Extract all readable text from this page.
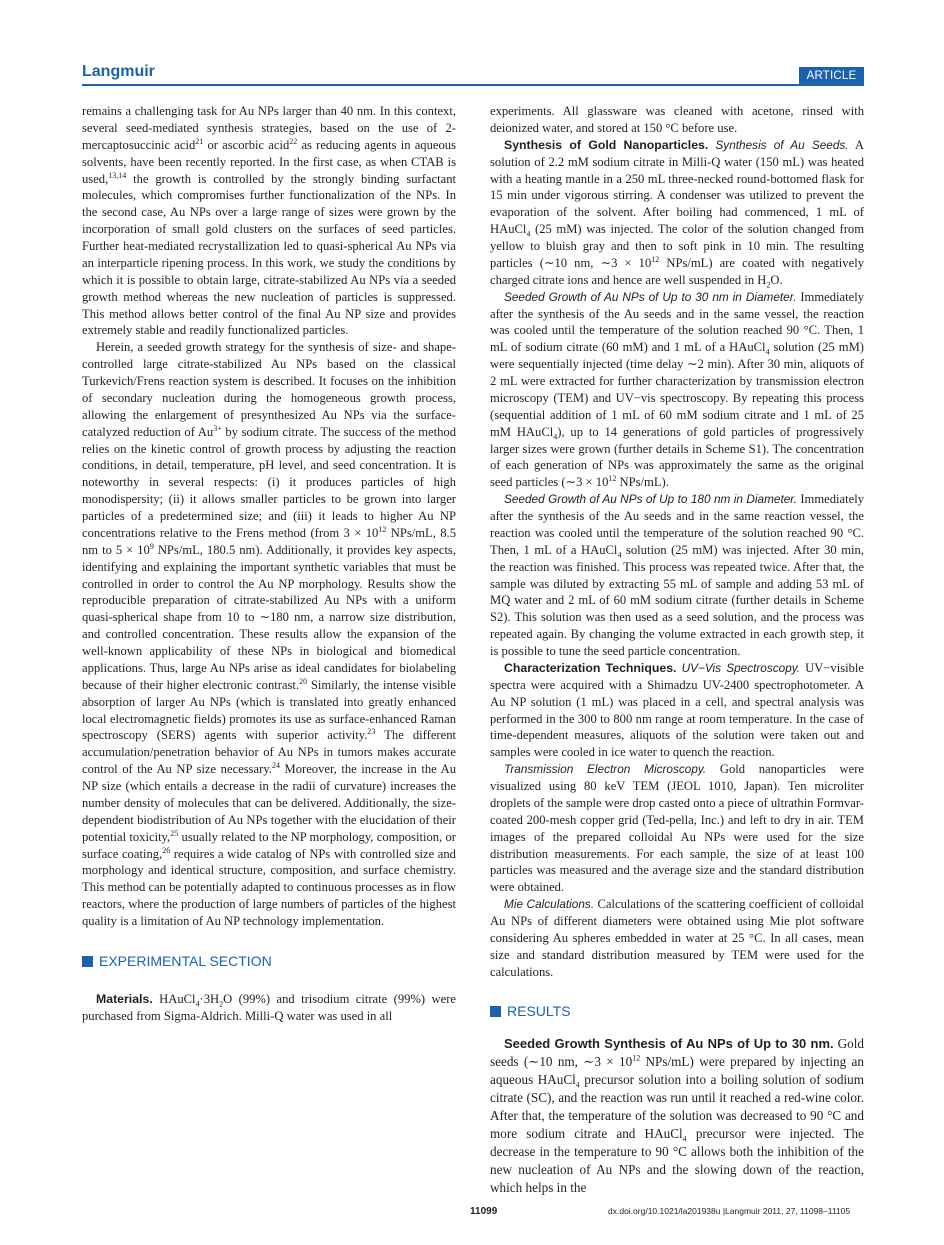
Langmuir	ARTICLE

remains a challenging task for Au NPs larger than 40 nm. In this context, several seed-mediated synthesis strategies, based on the use of 2-mercaptosuccinic acid$^{21}$ or ascorbic acid$^{22}$ as reducing agents in aqueous solvents, have been recently reported. In the first case, as when CTAB is used,$^{13,14}$ the growth is controlled by the strongly binding surfactant molecules, which compromises further functionalization of the NPs. In the second case, Au NPs over a large range of sizes were grown by the incorporation of small gold clusters on the surfaces of seed particles. Further heat-mediated recrystallization led to quasi-spherical Au NPs via an interparticle ripening process. In this work, we study the conditions by which it is possible to obtain large, citrate-stabilized Au NPs via a seeded growth method whereas the new nucleation of particles is suppressed. This method allows better control of the final Au NP size and provides extremely stable and readily functionalized particles.

Herein, a seeded growth strategy for the synthesis of size- and shape-controlled large citrate-stabilized Au NPs based on the classical Turkevich/Frens reaction system is described. It focuses on the inhibition of secondary nucleation during the homogeneous growth process, allowing the enlargement of presynthesized Au NPs via the surface-catalyzed reduction of $Au^{3+}$ by sodium citrate. The success of the method relies on the kinetic control of growth process by adjusting the reaction conditions, in detail, temperature, pH level, and seed concentration. It is noteworthy in several respects: (i) it produces particles of high monodispersity; (ii) it allows smaller particles to be grown into larger particles of a predetermined size; and (iii) it leads to higher Au NP concentrations relative to the Frens method (from $3 \times 10^{12}$ NPs/mL, 8.5 nm to $5 \times 10^9$ NPs/mL, 180.5 nm). Additionally, it provides key aspects, identifying and explaining the important synthetic variables that must be controlled in order to control the Au NP morphology. Results show the reproducible preparation of citrate-stabilized Au NPs with a uniform quasi-spherical shape from 10 to ∼180 nm, a narrow size distribution, and controlled concentration. These results allow the expansion of the well-known applicability of these NPs in biological and biomedical applications. Thus, large Au NPs arise as ideal candidates for biolabeling because of their higher electronic contrast.$^{20}$ Similarly, the intense visible absorption of larger Au NPs (which is translated into greatly enhanced local electromagnetic fields) promotes its use as surface-enhanced Raman spectroscopy (SERS) agents with superior activity.$^{23}$ The different accumulation/penetration behavior of Au NPs in tumors makes accurate control of the Au NP size necessary.$^{24}$ Moreover, the increase in the Au NP size (which entails a decrease in the radii of curvature) increases the number density of molecules that can be delivered. Additionally, the size-dependent biodistribution of Au NPs together with the elucidation of their potential toxicity,$^{25}$ usually related to the NP morphology, composition, or surface coating,$^{26}$ requires a wide catalog of NPs with controlled size and morphology and identical structure, composition, and surface chemistry. This method can be potentially adapted to continuous processes as in flow reactors, where the production of large numbers of particles of the highest quality is a limitation of Au NP technology implementation.

EXPERIMENTAL SECTION

Materials. $HAuCl_4\cdot 3H_2O$ (99%) and trisodium citrate (99%) were purchased from Sigma-Aldrich. Milli-Q water was used in all

experiments. All glassware was cleaned with acetone, rinsed with deionized water, and stored at 150 °C before use.

Synthesis of Gold Nanoparticles. Synthesis of Au Seeds. A solution of 2.2 mM sodium citrate in Milli-Q water (150 mL) was heated with a heating mantle in a 250 mL three-necked round-bottomed flask for 15 min under vigorous stirring. A condenser was utilized to prevent the evaporation of the solvent. After boiling had commenced, 1 mL of HAuCl$_4$ (25 mM) was injected. The color of the solution changed from yellow to bluish gray and then to soft pink in 10 min. The resulting particles (∼10 nm, ∼3 × $10^{12}$ NPs/mL) are coated with negatively charged citrate ions and hence are well suspended in $H_2O$.

Seeded Growth of Au NPs of Up to 30 nm in Diameter. Immediately after the synthesis of the Au seeds and in the same vessel, the reaction was cooled until the temperature of the solution reached 90 °C. Then, 1 mL of sodium citrate (60 mM) and 1 mL of a HAuCl$_4$ solution (25 mM) were sequentially injected (time delay ∼2 min). After 30 min, aliquots of 2 mL were extracted for further characterization by transmission electron microscopy (TEM) and UV−vis spectroscopy. By repeating this process (sequential addition of 1 mL of 60 mM sodium citrate and 1 mL of 25 mM HAuCl$_4$), up to 14 generations of gold particles of progressively larger sizes were grown (further details in Scheme S1). The concentration of each generation of NPs was approximately the same as the original seed particles (∼3 × $10^{12}$ NPs/mL).

Seeded Growth of Au NPs of Up to 180 nm in Diameter. Immediately after the synthesis of the Au seeds and in the same reaction vessel, the reaction was cooled until the temperature of the solution reached 90 °C. Then, 1 mL of a HAuCl$_4$ solution (25 mM) was injected. After 30 min, the reaction was finished. This process was repeated twice. After that, the sample was diluted by extracting 55 mL of sample and adding 53 mL of MQ water and 2 mL of 60 mM sodium citrate (further details in Scheme S2). This solution was then used as a seed solution, and the process was repeated again. By changing the volume extracted in each growth step, it is possible to tune the seed particle concentration.

Characterization Techniques. UV−Vis Spectroscopy. UV−visible spectra were acquired with a Shimadzu UV-2400 spectrophotometer. A Au NP solution (1 mL) was placed in a cell, and spectral analysis was performed in the 300 to 800 nm range at room temperature. In the case of time-dependent measures, aliquots of the solution were taken out and samples were cooled in ice water to quench the reaction.

Transmission Electron Microscopy. Gold nanoparticles were visualized using 80 keV TEM (JEOL 1010, Japan). Ten microliter droplets of the sample were drop casted onto a piece of ultrathin Formvar-coated 200-mesh copper grid (Ted-pella, Inc.) and left to dry in air. TEM images of the prepared colloidal Au NPs were used for the size distribution measurements. For each sample, the size of at least 100 particles was measured and the average size and the standard distribution were obtained.

Mie Calculations. Calculations of the scattering coefficient of colloidal Au NPs of different diameters were obtained using Mie plot software considering Au spheres embedded in water at 25 °C. In all cases, mean size and standard distribution measured by TEM were used for the calculations.

RESULTS

Seeded Growth Synthesis of Au NPs of Up to 30 nm. Gold seeds (∼10 nm, ∼3 × $10^{12}$ NPs/mL) were prepared by injecting an aqueous HAuCl$_4$ precursor solution into a boiling solution of sodium citrate (SC), and the reaction was run until it reached a red-wine color. After that, the temperature of the solution was decreased to 90 °C and more sodium citrate and HAuCl$_4$ precursor were injected. The decrease in the temperature to 90 °C allows both the inhibition of the new nucleation of Au NPs and the slowing down of the reaction, which helps in the

11099	dx.doi.org/10.1021/la201938u |Langmuir 2011, 27, 11098–11105
